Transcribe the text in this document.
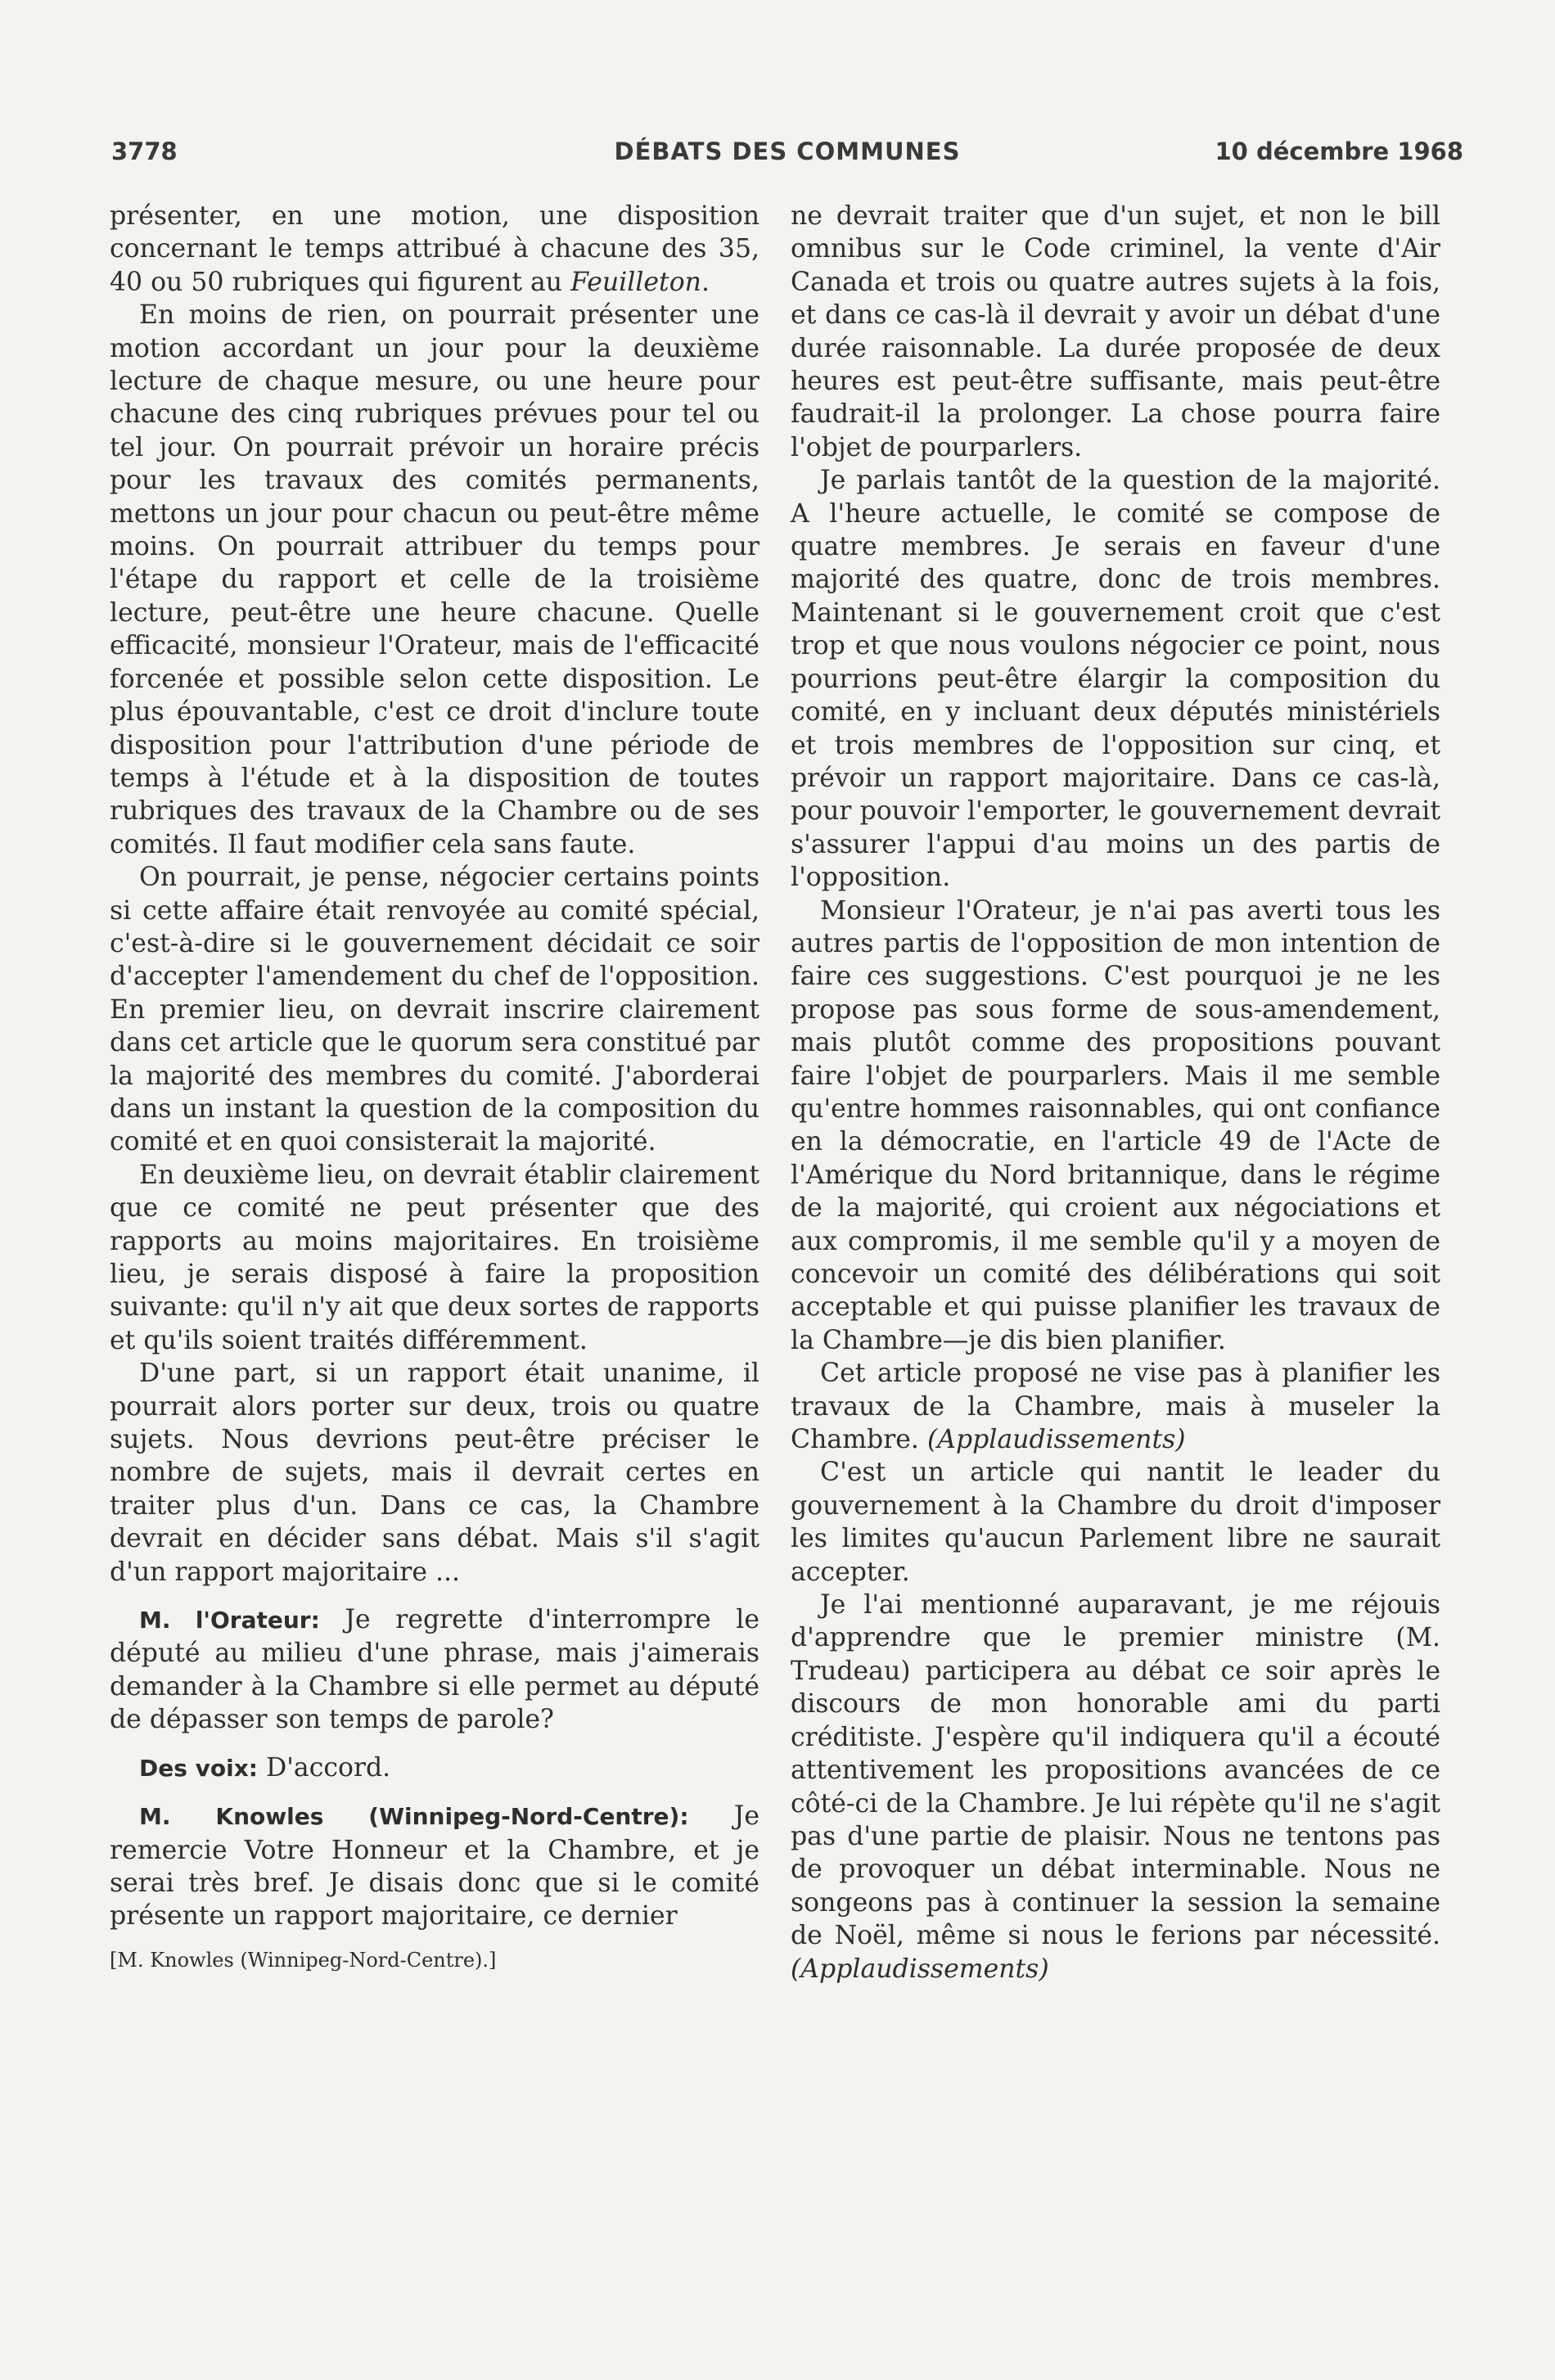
3778	DÉBATS DES COMMUNES	10 décembre 1968

présenter, en une motion, une disposition concernant le temps attribué à chacune des 35, 40 ou 50 rubriques qui figurent au Feuilleton.

En moins de rien, on pourrait présenter une motion accordant un jour pour la deuxième lecture de chaque mesure, ou une heure pour chacune des cinq rubriques prévues pour tel ou tel jour. On pourrait prévoir un horaire précis pour les travaux des comités permanents, mettons un jour pour chacun ou peut-être même moins. On pourrait attribuer du temps pour l'étape du rapport et celle de la troisième lecture, peut-être une heure chacune. Quelle efficacité, monsieur l'Orateur, mais de l'efficacité forcenée et possible selon cette disposition. Le plus épouvantable, c'est ce droit d'inclure toute disposition pour l'attribution d'une période de temps à l'étude et à la disposition de toutes rubriques des travaux de la Chambre ou de ses comités. Il faut modifier cela sans faute.

On pourrait, je pense, négocier certains points si cette affaire était renvoyée au comité spécial, c'est-à-dire si le gouvernement décidait ce soir d'accepter l'amendement du chef de l'opposition. En premier lieu, on devrait inscrire clairement dans cet article que le quorum sera constitué par la majorité des membres du comité. J'aborderai dans un instant la question de la composition du comité et en quoi consisterait la majorité.

En deuxième lieu, on devrait établir clairement que ce comité ne peut présenter que des rapports au moins majoritaires. En troisième lieu, je serais disposé à faire la proposition suivante: qu'il n'y ait que deux sortes de rapports et qu'ils soient traités différemment.

D'une part, si un rapport était unanime, il pourrait alors porter sur deux, trois ou quatre sujets. Nous devrions peut-être préciser le nombre de sujets, mais il devrait certes en traiter plus d'un. Dans ce cas, la Chambre devrait en décider sans débat. Mais s'il s'agit d'un rapport majoritaire ...

M. l'Orateur: Je regrette d'interrompre le député au milieu d'une phrase, mais j'aimerais demander à la Chambre si elle permet au député de dépasser son temps de parole?

Des voix: D'accord.

M. Knowles (Winnipeg-Nord-Centre): Je remercie Votre Honneur et la Chambre, et je serai très bref. Je disais donc que si le comité présente un rapport majoritaire, ce dernier

[M. Knowles (Winnipeg-Nord-Centre).]

ne devrait traiter que d'un sujet, et non le bill omnibus sur le Code criminel, la vente d'Air Canada et trois ou quatre autres sujets à la fois, et dans ce cas-là il devrait y avoir un débat d'une durée raisonnable. La durée proposée de deux heures est peut-être suffisante, mais peut-être faudrait-il la prolonger. La chose pourra faire l'objet de pourparlers.

Je parlais tantôt de la question de la majorité. A l'heure actuelle, le comité se compose de quatre membres. Je serais en faveur d'une majorité des quatre, donc de trois membres. Maintenant si le gouvernement croit que c'est trop et que nous voulons négocier ce point, nous pourrions peut-être élargir la composition du comité, en y incluant deux députés ministériels et trois membres de l'opposition sur cinq, et prévoir un rapport majoritaire. Dans ce cas-là, pour pouvoir l'emporter, le gouvernement devrait s'assurer l'appui d'au moins un des partis de l'opposition.

Monsieur l'Orateur, je n'ai pas averti tous les autres partis de l'opposition de mon intention de faire ces suggestions. C'est pourquoi je ne les propose pas sous forme de sous-amendement, mais plutôt comme des propositions pouvant faire l'objet de pourparlers. Mais il me semble qu'entre hommes raisonnables, qui ont confiance en la démocratie, en l'article 49 de l'Acte de l'Amérique du Nord britannique, dans le régime de la majorité, qui croient aux négociations et aux compromis, il me semble qu'il y a moyen de concevoir un comité des délibérations qui soit acceptable et qui puisse planifier les travaux de la Chambre—je dis bien planifier.

Cet article proposé ne vise pas à planifier les travaux de la Chambre, mais à museler la Chambre. (Applaudissements)

C'est un article qui nantit le leader du gouvernement à la Chambre du droit d'imposer les limites qu'aucun Parlement libre ne saurait accepter.

Je l'ai mentionné auparavant, je me réjouis d'apprendre que le premier ministre (M. Trudeau) participera au débat ce soir après le discours de mon honorable ami du parti créditiste. J'espère qu'il indiquera qu'il a écouté attentivement les propositions avancées de ce côté-ci de la Chambre. Je lui répète qu'il ne s'agit pas d'une partie de plaisir. Nous ne tentons pas de provoquer un débat interminable. Nous ne songeons pas à continuer la session la semaine de Noël, même si nous le ferions par nécessité. (Applaudissements)
